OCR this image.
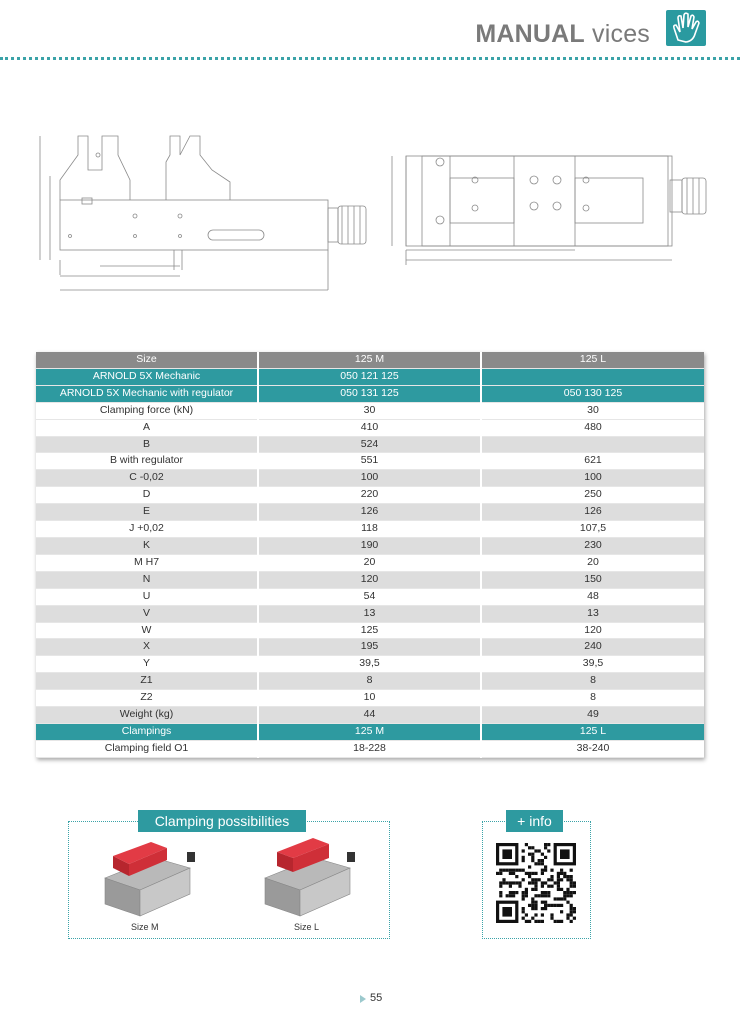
MANUAL vices
Size	125 M	125 L
ARNOLD 5X Mechanic	050 121 125	
ARNOLD 5X Mechanic with regulator	050 131 125	050 130 125
Clamping force (kN)	30	30
A	410	480
B	524	
B with regulator	551	621
C -0,02	100	100
D	220	250
E	126	126
J +0,02	118	107,5
K	190	230
M H7	20	20
N	120	150
U	54	48
V	13	13
W	125	120
X	195	240
Y	39,5	39,5
Z1	8	8
Z2	10	8
Weight (kg)	44	49
Clampings	125 M	125 L
Clamping field O1	18-228	38-240
Clamping possibilities
Size M	Size L
+ info
55
